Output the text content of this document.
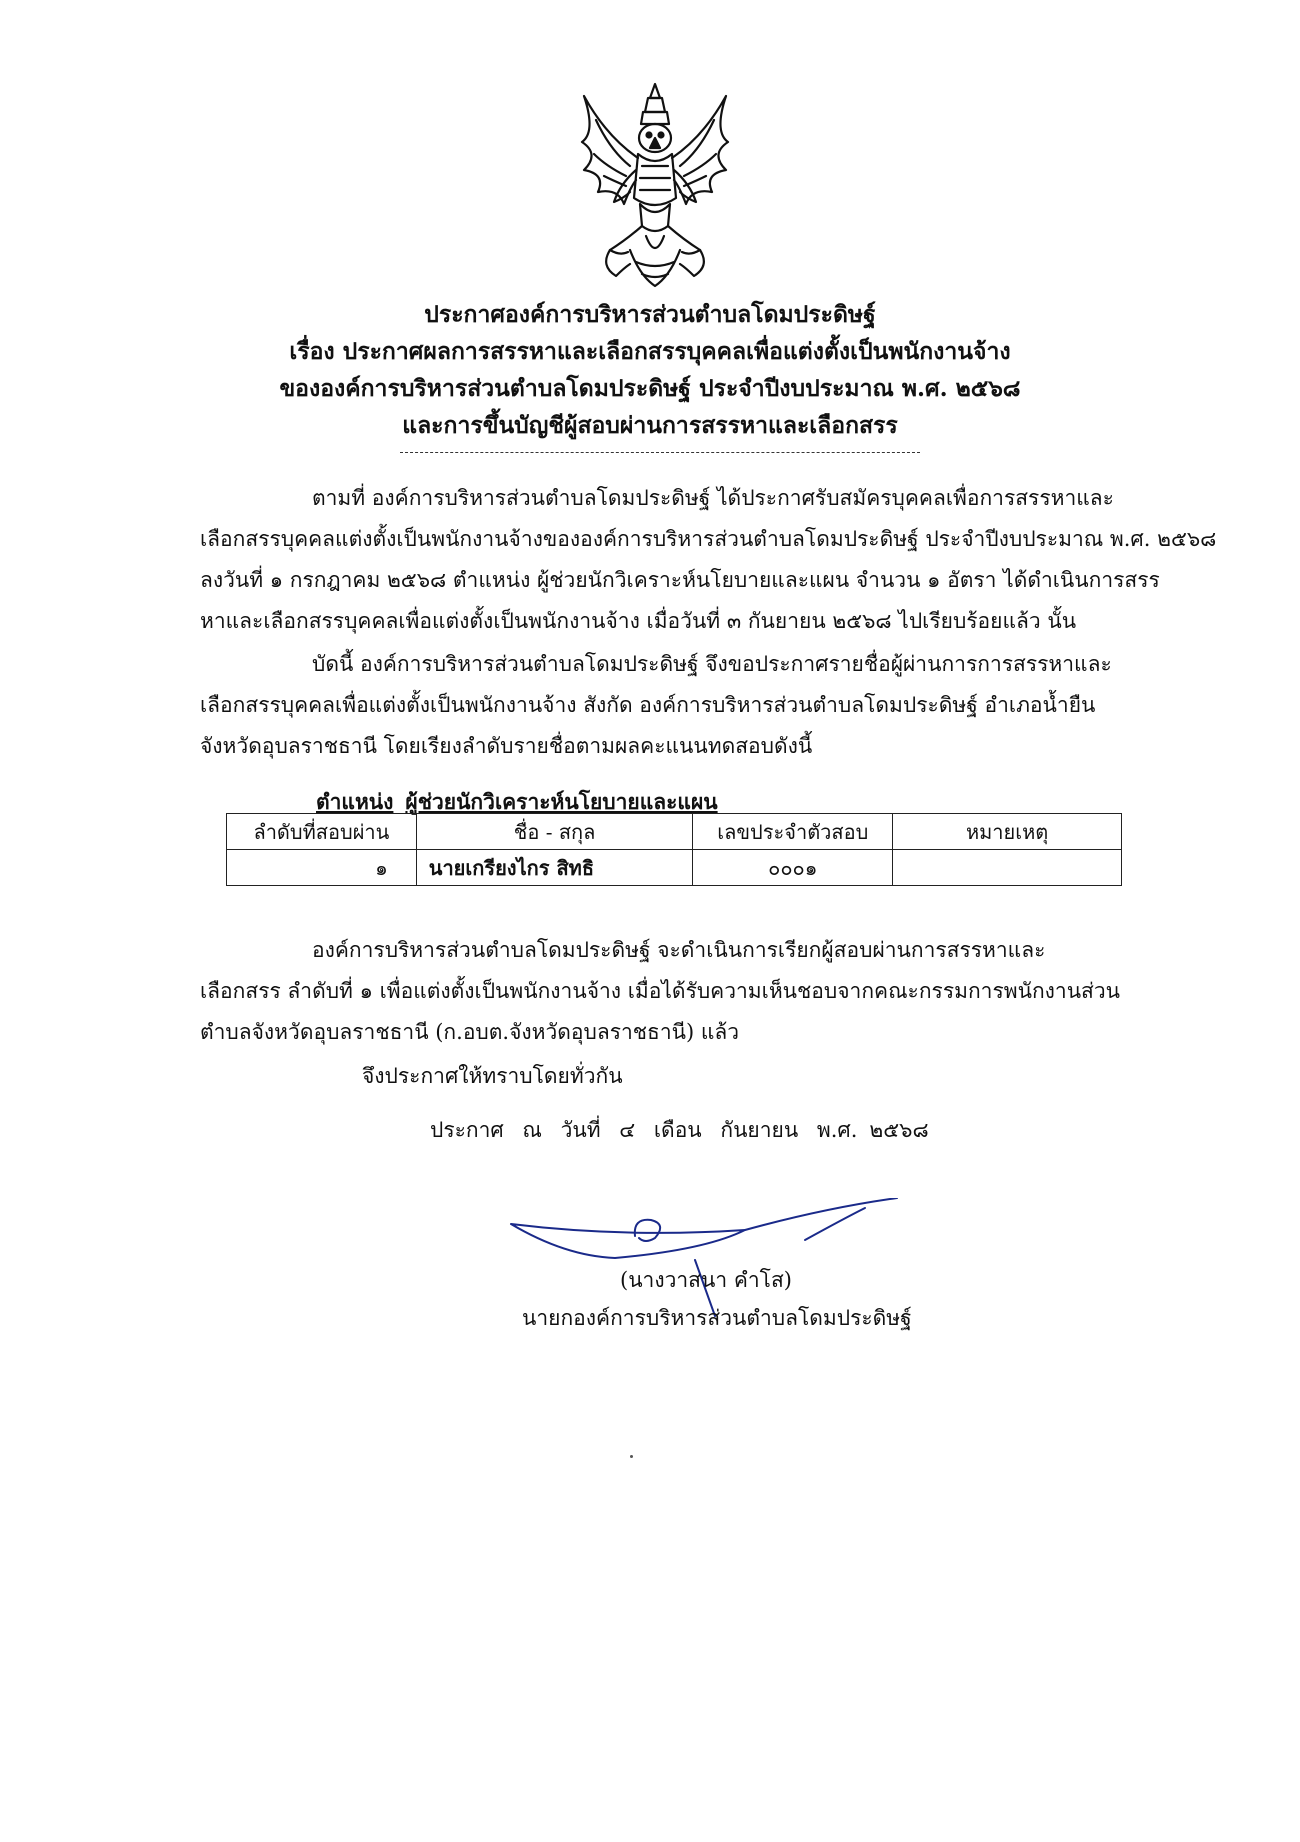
ประกาศองค์การบริหารส่วนตำบลโดมประดิษฐ์
เรื่อง ประกาศผลการสรรหาและเลือกสรรบุคคลเพื่อแต่งตั้งเป็นพนักงานจ้าง
ขององค์การบริหารส่วนตำบลโดมประดิษฐ์ ประจำปีงบประมาณ พ.ศ. ๒๕๖๘
และการขึ้นบัญชีผู้สอบผ่านการสรรหาและเลือกสรร

ตามที่ องค์การบริหารส่วนตำบลโดมประดิษฐ์ ได้ประกาศรับสมัครบุคคลเพื่อการสรรหาและ

เลือกสรรบุคคลแต่งตั้งเป็นพนักงานจ้างขององค์การบริหารส่วนตำบลโดมประดิษฐ์ ประจำปีงบประมาณ พ.ศ. ๒๕๖๘

ลงวันที่ ๑ กรกฎาคม ๒๕๖๘ ตำแหน่ง ผู้ช่วยนักวิเคราะห์นโยบายและแผน จำนวน ๑ อัตรา ได้ดำเนินการสรร

หาและเลือกสรรบุคคลเพื่อแต่งตั้งเป็นพนักงานจ้าง เมื่อวันที่ ๓ กันยายน ๒๕๖๘ ไปเรียบร้อยแล้ว นั้น

บัดนี้ องค์การบริหารส่วนตำบลโดมประดิษฐ์ จึงขอประกาศรายชื่อผู้ผ่านการการสรรหาและ

เลือกสรรบุคคลเพื่อแต่งตั้งเป็นพนักงานจ้าง สังกัด องค์การบริหารส่วนตำบลโดมประดิษฐ์ อำเภอน้ำยืน

จังหวัดอุบลราชธานี โดยเรียงลำดับรายชื่อตามผลคะแนนทดสอบดังนี้

ตำแหน่ง ผู้ช่วยนักวิเคราะห์นโยบายและแผน
ลำดับที่สอบผ่าน	ชื่อ - สกุล	เลขประจำตัวสอบ	หมายเหตุ
๑	นายเกรียงไกร สิทธิ	๐๐๐๑	

องค์การบริหารส่วนตำบลโดมประดิษฐ์ จะดำเนินการเรียกผู้สอบผ่านการสรรหาและ

เลือกสรร ลำดับที่ ๑ เพื่อแต่งตั้งเป็นพนักงานจ้าง เมื่อได้รับความเห็นชอบจากคณะกรรมการพนักงานส่วน

ตำบลจังหวัดอุบลราชธานี (ก.อบต.จังหวัดอุบลราชธานี) แล้ว

จึงประกาศให้ทราบโดยทั่วกัน
ประกาศ ณ วันที่ ๔ เดือน กันยายน พ.ศ. ๒๕๖๘
(นางวาสนา คำโส)
นายกองค์การบริหารส่วนตำบลโดมประดิษฐ์
